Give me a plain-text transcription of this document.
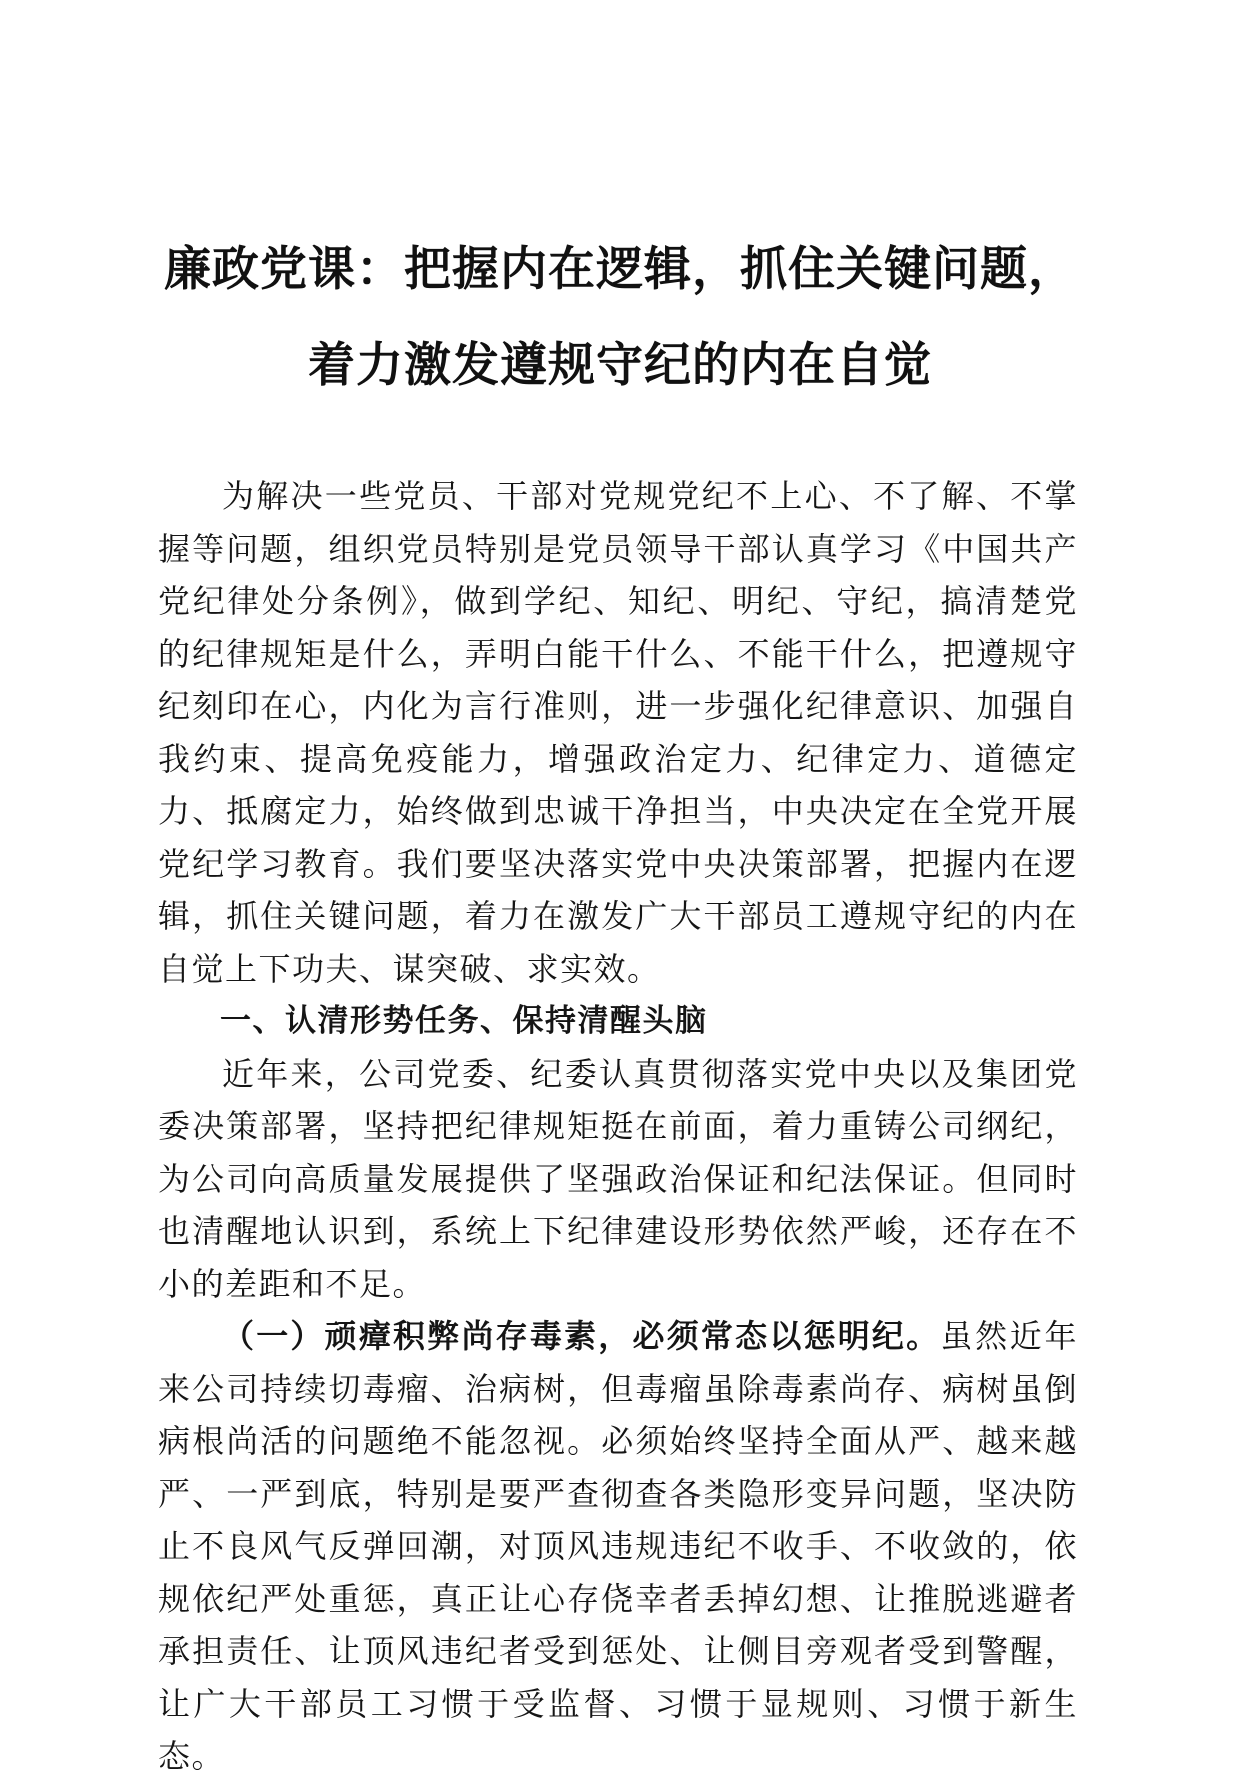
廉政党课：把握内在逻辑，抓住关键问题，着力激发遵规守纪的内在自觉

为解决一些党员、干部对党规党纪不上心、不了解、不掌握等问题，组织党员特别是党员领导干部认真学习《中国共产党纪律处分条例》，做到学纪、知纪、明纪、守纪，搞清楚党的纪律规矩是什么，弄明白能干什么、不能干什么，把遵规守纪刻印在心，内化为言行准则，进一步强化纪律意识、加强自我约束、提高免疫能力，增强政治定力、纪律定力、道德定力、抵腐定力，始终做到忠诚干净担当，中央决定在全党开展党纪学习教育。我们要坚决落实党中央决策部署，把握内在逻辑，抓住关键问题，着力在激发广大干部员工遵规守纪的内在自觉上下功夫、谋突破、求实效。

一、认清形势任务、保持清醒头脑

近年来，公司党委、纪委认真贯彻落实党中央以及集团党委决策部署，坚持把纪律规矩挺在前面，着力重铸公司纲纪，为公司向高质量发展提供了坚强政治保证和纪法保证。但同时也清醒地认识到，系统上下纪律建设形势依然严峻，还存在不小的差距和不足。

（一）顽瘴积弊尚存毒素，必须常态以惩明纪。虽然近年来公司持续切毒瘤、治病树，但毒瘤虽除毒素尚存、病树虽倒病根尚活的问题绝不能忽视。必须始终坚持全面从严、越来越严、一严到底，特别是要严查彻查各类隐形变异问题，坚决防止不良风气反弹回潮，对顶风违规违纪不收手、不收敛的，依规依纪严处重惩，真正让心存侥幸者丢掉幻想、让推脱逃避者承担责任、让顶风违纪者受到惩处、让侧目旁观者受到警醒，让广大干部员工习惯于受监督、习惯于显规则、习惯于新生态。
